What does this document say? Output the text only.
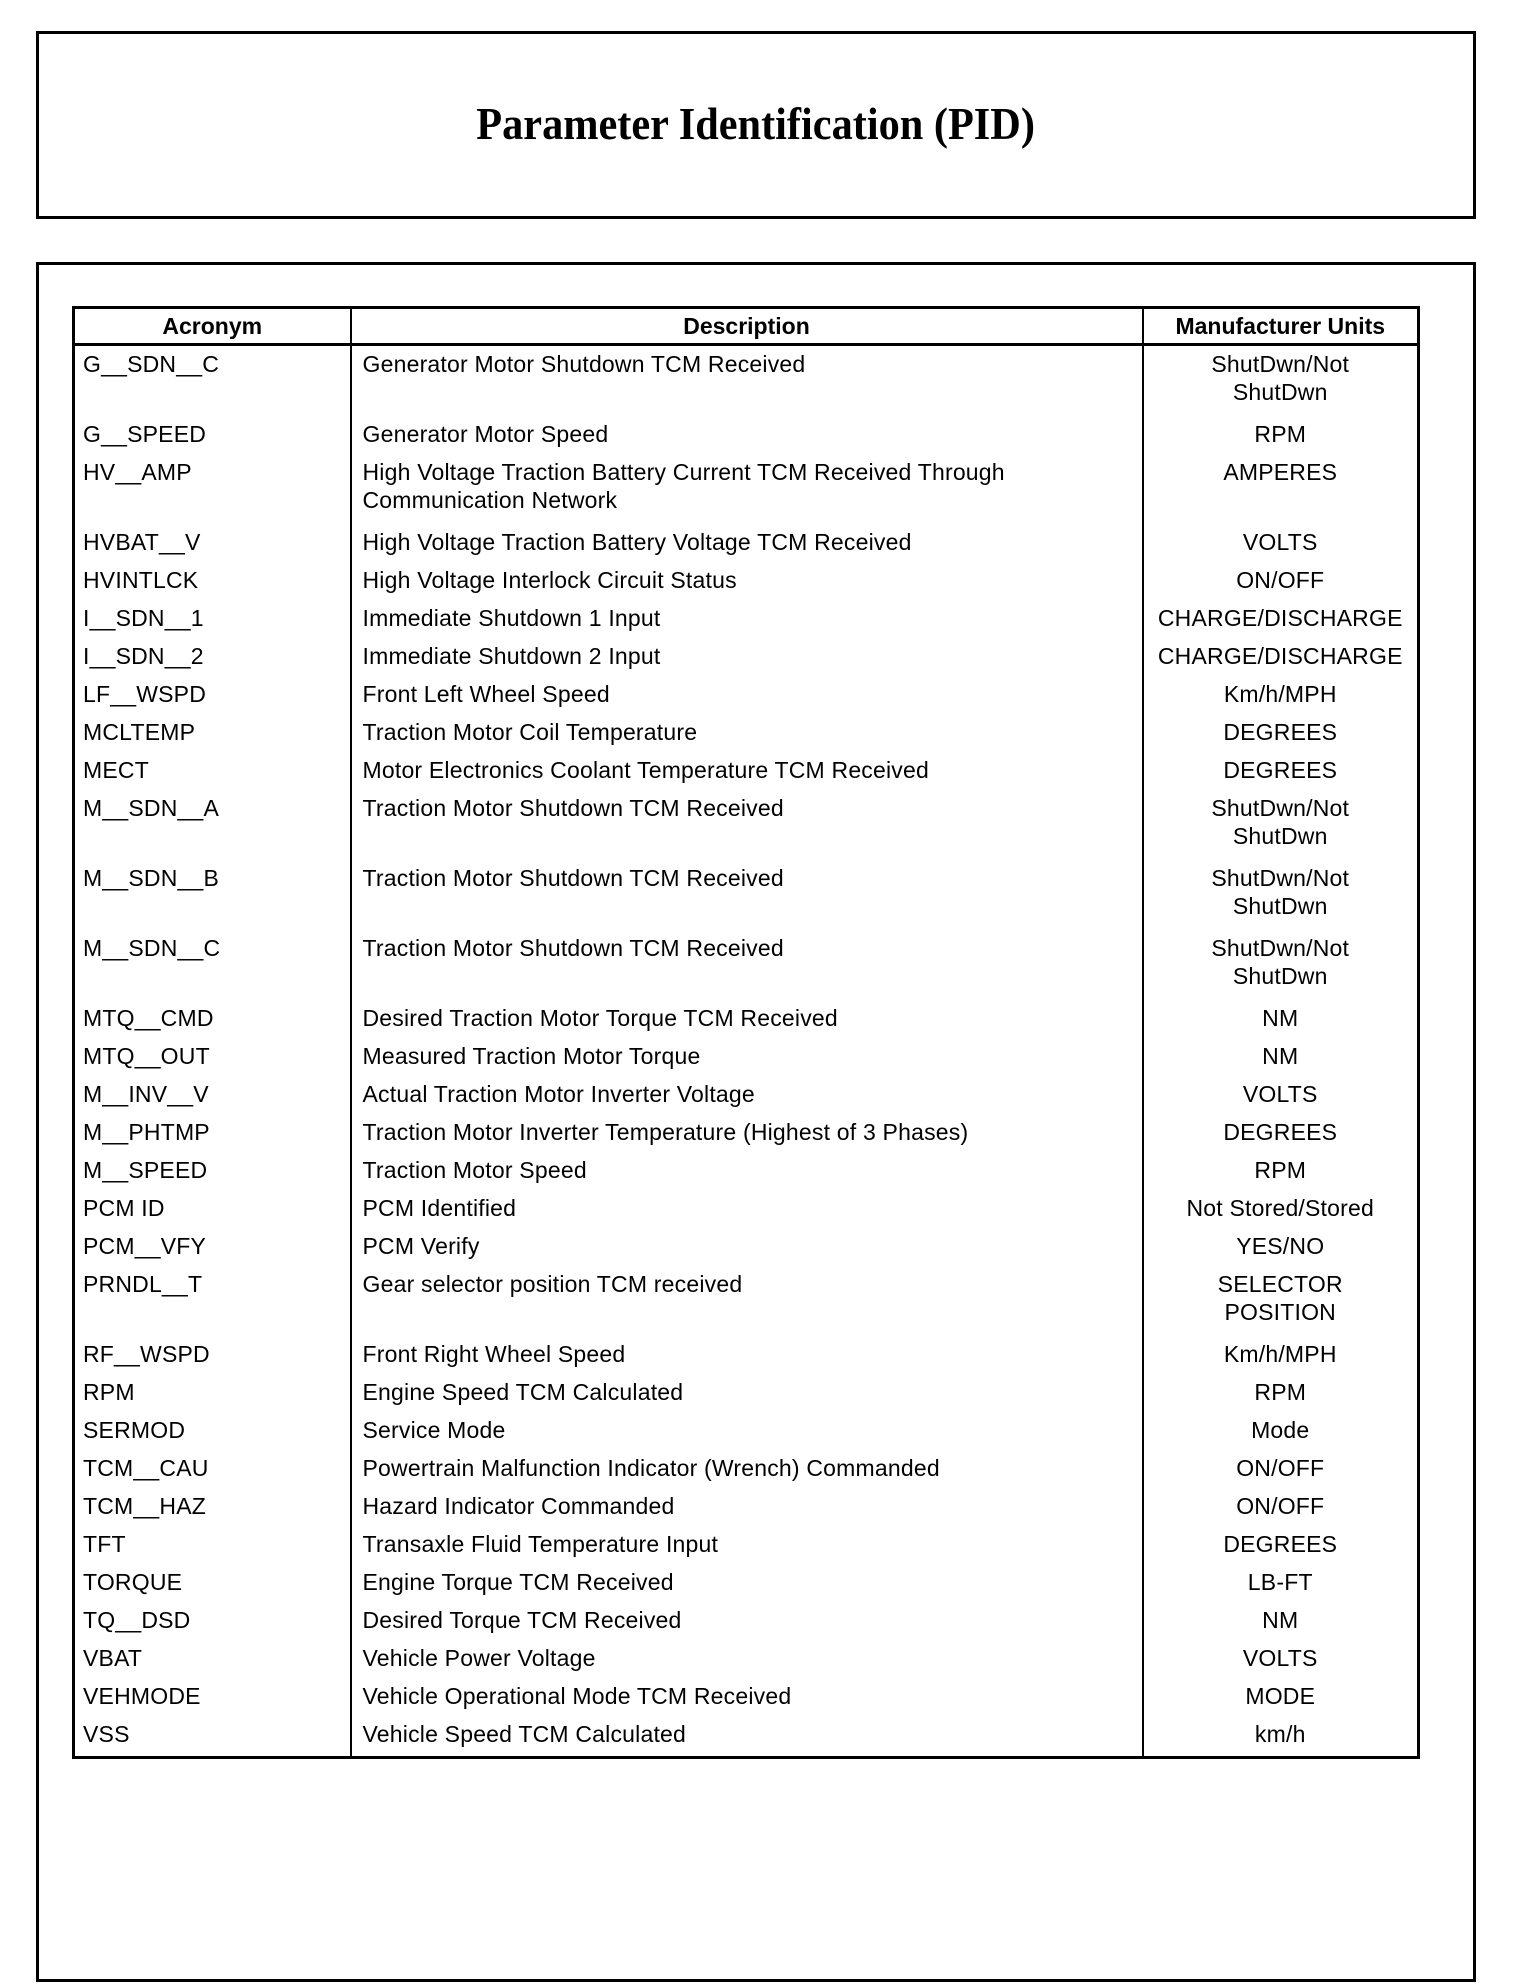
Parameter Identification (PID)
Acronym	Description	Manufacturer Units
G__SDN__C	Generator Motor Shutdown TCM Received	ShutDwn/Not
ShutDwn

G__SPEED	Generator Motor Speed	RPM

HV__AMP	High Voltage Traction Battery Current TCM Received Through
Communication Network	AMPERES

HVBAT__V	High Voltage Traction Battery Voltage TCM Received	VOLTS

HVINTLCK	High Voltage Interlock Circuit Status	ON/OFF

I__SDN__1	Immediate Shutdown 1 Input	CHARGE/DISCHARGE

I__SDN__2	Immediate Shutdown 2 Input	CHARGE/DISCHARGE

LF__WSPD	Front Left Wheel Speed	Km/h/MPH

MCLTEMP	Traction Motor Coil Temperature	DEGREES

MECT	Motor Electronics Coolant Temperature TCM Received	DEGREES

M__SDN__A	Traction Motor Shutdown TCM Received	ShutDwn/Not
ShutDwn

M__SDN__B	Traction Motor Shutdown TCM Received	ShutDwn/Not
ShutDwn

M__SDN__C	Traction Motor Shutdown TCM Received	ShutDwn/Not
ShutDwn

MTQ__CMD	Desired Traction Motor Torque TCM Received	NM

MTQ__OUT	Measured Traction Motor Torque	NM

M__INV__V	Actual Traction Motor Inverter Voltage	VOLTS

M__PHTMP	Traction Motor Inverter Temperature (Highest of 3 Phases)	DEGREES

M__SPEED	Traction Motor Speed	RPM

PCM ID	PCM Identified	Not Stored/Stored

PCM__VFY	PCM Verify	YES/NO

PRNDL__T	Gear selector position TCM received	SELECTOR
POSITION

RF__WSPD	Front Right Wheel Speed	Km/h/MPH

RPM	Engine Speed TCM Calculated	RPM

SERMOD	Service Mode	Mode

TCM__CAU	Powertrain Malfunction Indicator (Wrench) Commanded	ON/OFF

TCM__HAZ	Hazard Indicator Commanded	ON/OFF

TFT	Transaxle Fluid Temperature Input	DEGREES

TORQUE	Engine Torque TCM Received	LB-FT

TQ__DSD	Desired Torque TCM Received	NM

VBAT	Vehicle Power Voltage	VOLTS

VEHMODE	Vehicle Operational Mode TCM Received	MODE

VSS	Vehicle Speed TCM Calculated	km/h
